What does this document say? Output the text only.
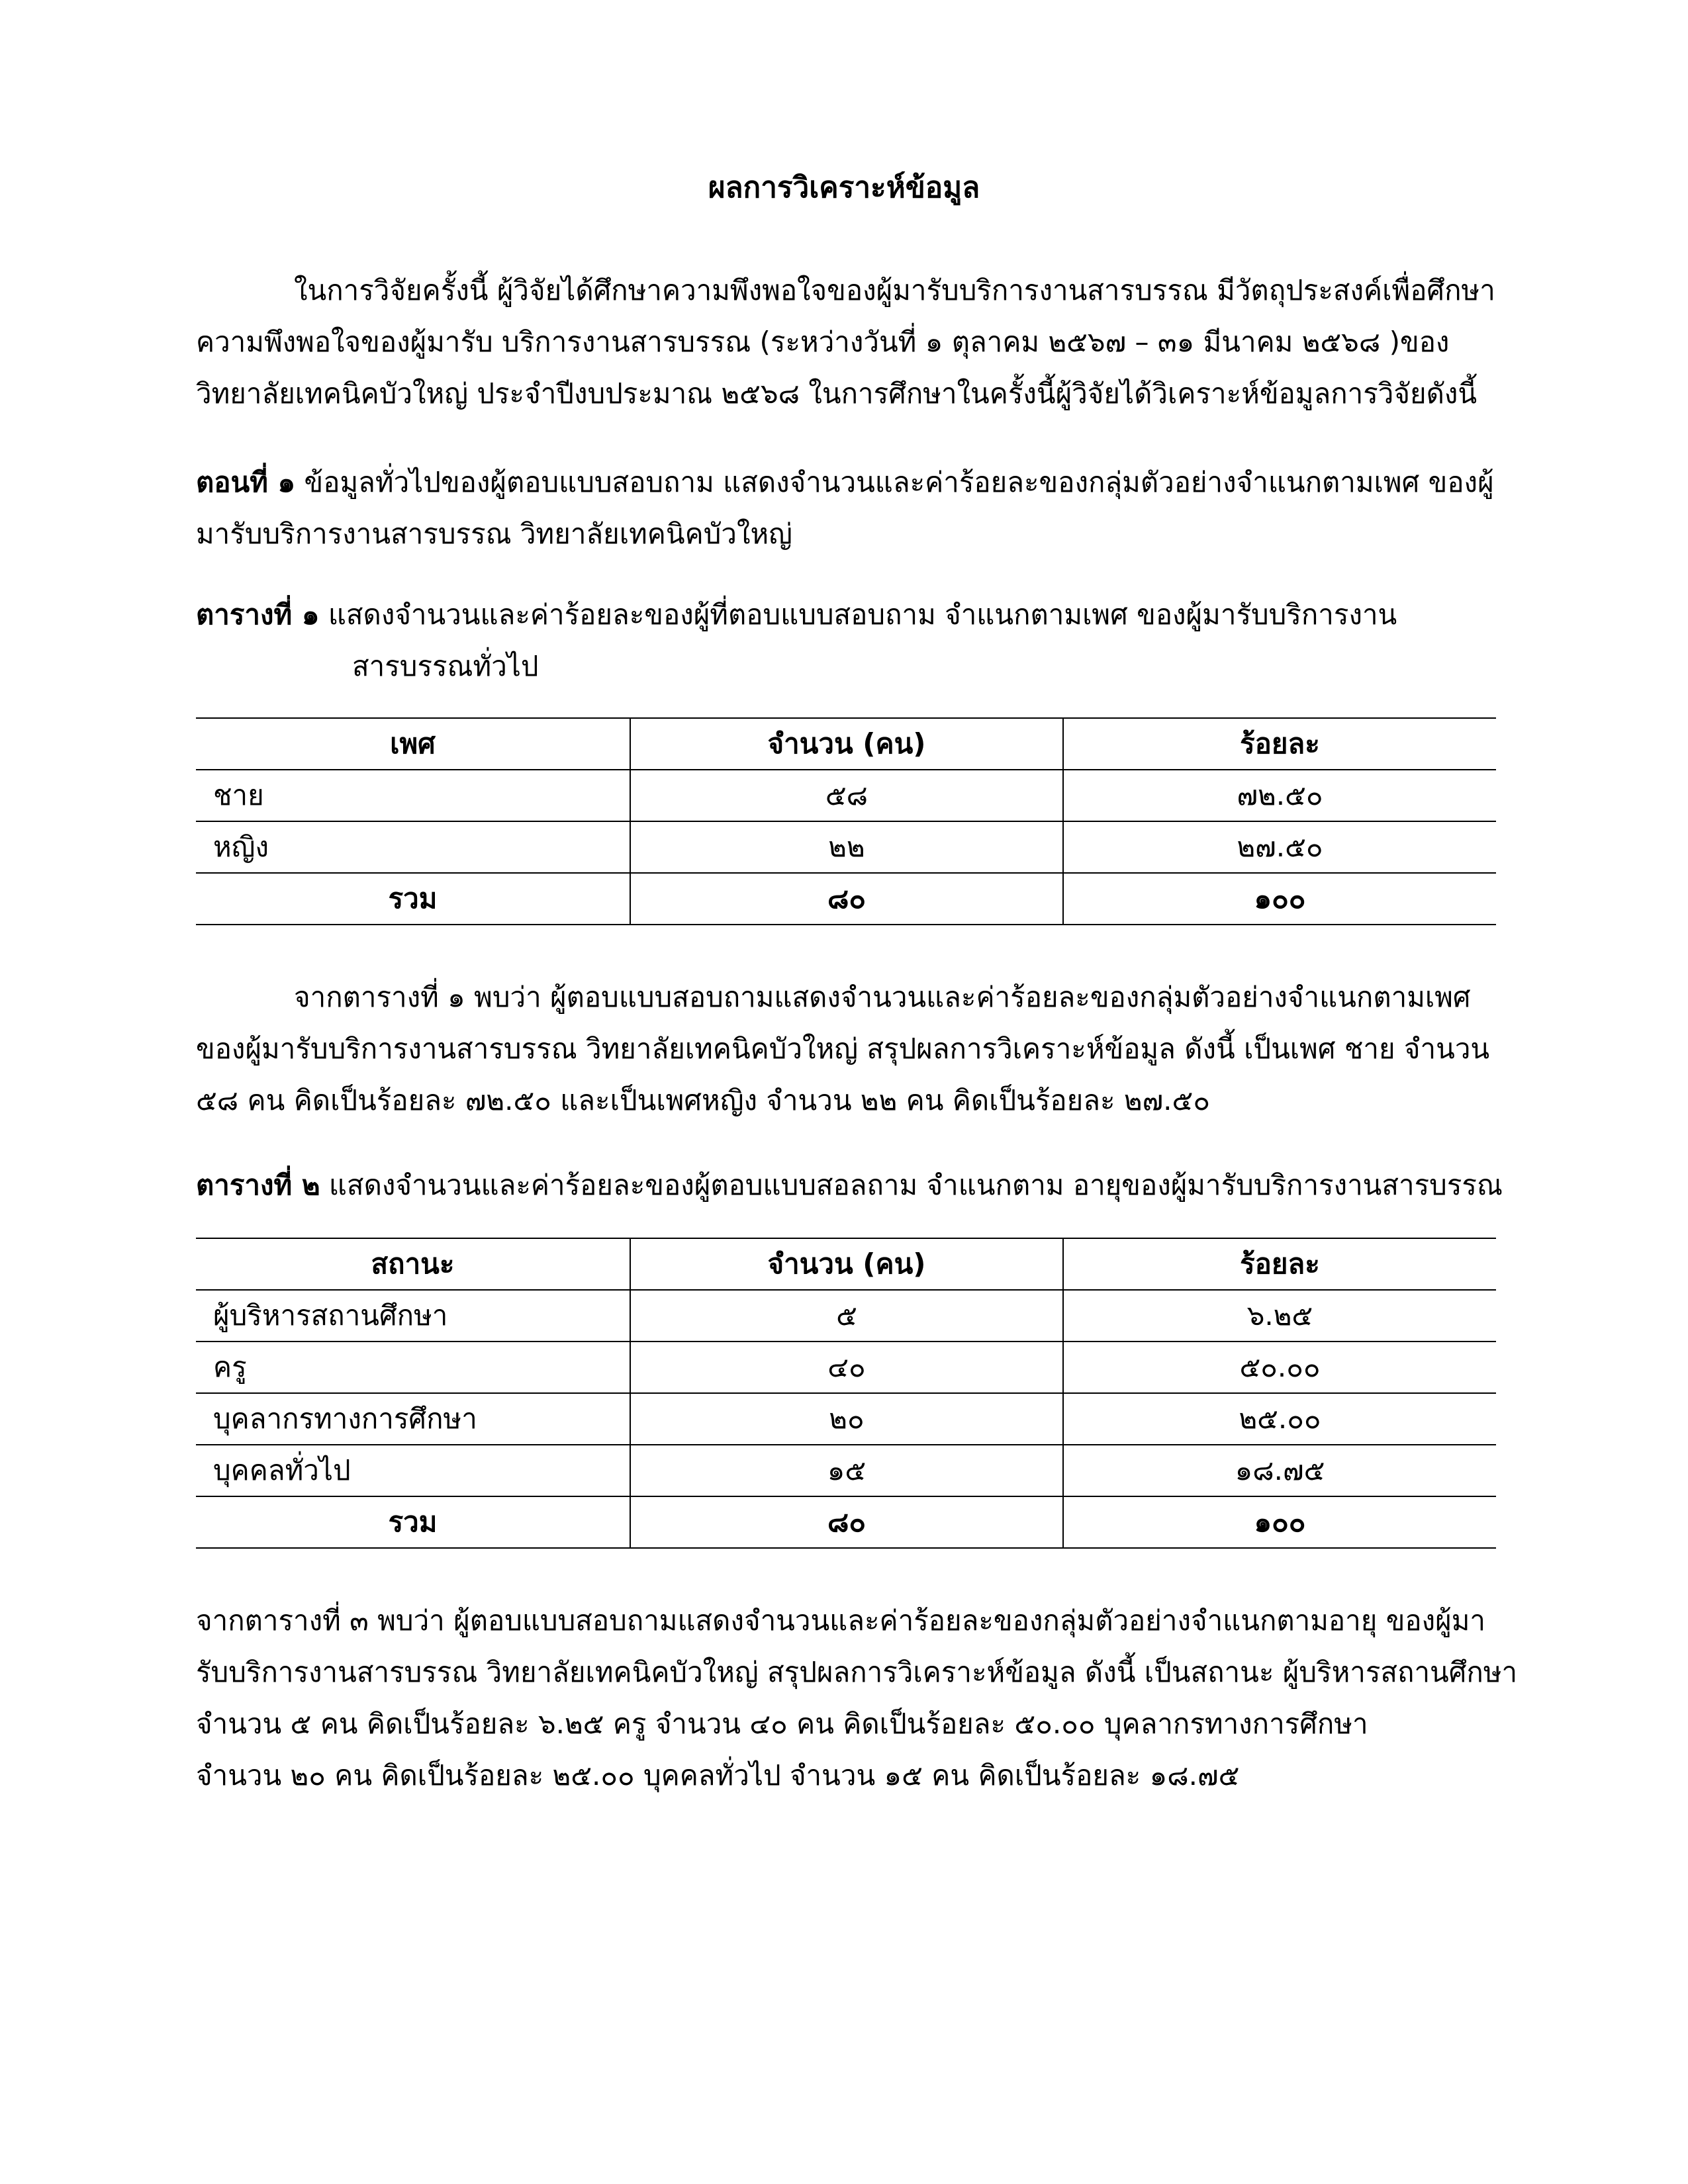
ผลการวิเคราะห์ข้อมูล
ในการวิจัยครั้งนี้ ผู้วิจัยได้ศึกษาความพึงพอใจของผู้มารับบริการงานสารบรรณ มีวัตถุประสงค์เพื่อศึกษา
ความพึงพอใจของผู้มารับ บริการงานสารบรรณ (ระหว่างวันที่ ๑ ตุลาคม ๒๕๖๗ – ๓๑ มีนาคม ๒๕๖๘ )ของ
วิทยาลัยเทคนิคบัวใหญ่ ประจำปีงบประมาณ ๒๕๖๘ ในการศึกษาในครั้งนี้ผู้วิจัยได้วิเคราะห์ข้อมูลการวิจัยดังนี้
ตอนที่ ๑ ข้อมูลทั่วไปของผู้ตอบแบบสอบถาม แสดงจำนวนและค่าร้อยละของกลุ่มตัวอย่างจำแนกตามเพศ ของผู้
มารับบริการงานสารบรรณ วิทยาลัยเทคนิคบัวใหญ่
ตารางที่ ๑ แสดงจำนวนและค่าร้อยละของผู้ที่ตอบแบบสอบถาม จำแนกตามเพศ ของผู้มารับบริการงาน
สารบรรณทั่วไป
เพศ	จำนวน (คน)	ร้อยละ
ชาย	๕๘	๗๒.๕๐
หญิง	๒๒	๒๗.๕๐
รวม	๘๐	๑๐๐
จากตารางที่ ๑ พบว่า ผู้ตอบแบบสอบถามแสดงจำนวนและค่าร้อยละของกลุ่มตัวอย่างจำแนกตามเพศ
ของผู้มารับบริการงานสารบรรณ วิทยาลัยเทคนิคบัวใหญ่ สรุปผลการวิเคราะห์ข้อมูล ดังนี้ เป็นเพศ ชาย จำนวน
๕๘ คน คิดเป็นร้อยละ ๗๒.๕๐ และเป็นเพศหญิง จำนวน ๒๒ คน คิดเป็นร้อยละ ๒๗.๕๐
ตารางที่ ๒ แสดงจำนวนและค่าร้อยละของผู้ตอบแบบสอลถาม จำแนกตาม อายุของผู้มารับบริการงานสารบรรณ
สถานะ	จำนวน (คน)	ร้อยละ
ผู้บริหารสถานศึกษา	๕	๖.๒๕
ครู	๔๐	๕๐.๐๐
บุคลากรทางการศึกษา	๒๐	๒๕.๐๐
บุคคลทั่วไป	๑๕	๑๘.๗๕
รวม	๘๐	๑๐๐
จากตารางที่ ๓ พบว่า ผู้ตอบแบบสอบถามแสดงจำนวนและค่าร้อยละของกลุ่มตัวอย่างจำแนกตามอายุ ของผู้มา
รับบริการงานสารบรรณ วิทยาลัยเทคนิคบัวใหญ่ สรุปผลการวิเคราะห์ข้อมูล ดังนี้ เป็นสถานะ ผู้บริหารสถานศึกษา
จำนวน ๕ คน คิดเป็นร้อยละ ๖.๒๕ ครู จำนวน ๔๐ คน คิดเป็นร้อยละ ๕๐.๐๐ บุคลากรทางการศึกษา
จำนวน ๒๐ คน คิดเป็นร้อยละ ๒๕.๐๐ บุคคลทั่วไป จำนวน ๑๕ คน คิดเป็นร้อยละ ๑๘.๗๕
